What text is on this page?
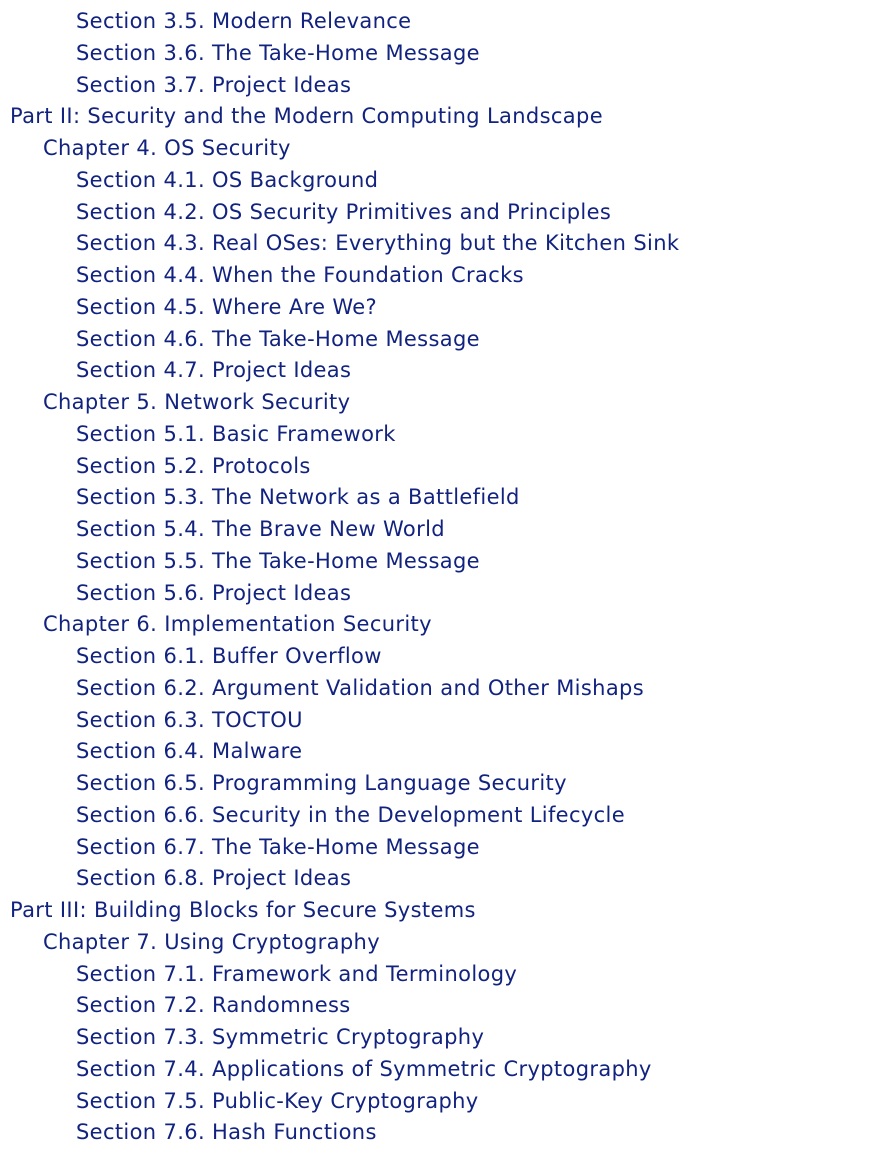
Section 3.5. Modern Relevance
Section 3.6. The Take-Home Message
Section 3.7. Project Ideas
Part II: Security and the Modern Computing Landscape
Chapter 4. OS Security
Section 4.1. OS Background
Section 4.2. OS Security Primitives and Principles
Section 4.3. Real OSes: Everything but the Kitchen Sink
Section 4.4. When the Foundation Cracks
Section 4.5. Where Are We?
Section 4.6. The Take-Home Message
Section 4.7. Project Ideas
Chapter 5. Network Security
Section 5.1. Basic Framework
Section 5.2. Protocols
Section 5.3. The Network as a Battlefield
Section 5.4. The Brave New World
Section 5.5. The Take-Home Message
Section 5.6. Project Ideas
Chapter 6. Implementation Security
Section 6.1. Buffer Overflow
Section 6.2. Argument Validation and Other Mishaps
Section 6.3. TOCTOU
Section 6.4. Malware
Section 6.5. Programming Language Security
Section 6.6. Security in the Development Lifecycle
Section 6.7. The Take-Home Message
Section 6.8. Project Ideas
Part III: Building Blocks for Secure Systems
Chapter 7. Using Cryptography
Section 7.1. Framework and Terminology
Section 7.2. Randomness
Section 7.3. Symmetric Cryptography
Section 7.4. Applications of Symmetric Cryptography
Section 7.5. Public-Key Cryptography
Section 7.6. Hash Functions
